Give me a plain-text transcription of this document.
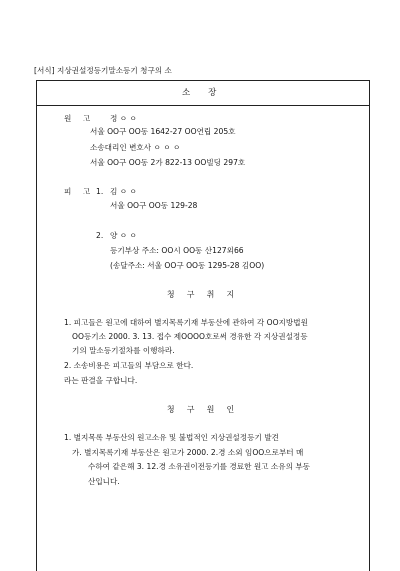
[서식] 지상권설정등기말소등기 청구의 소
소 장
원 고 정 ㅇ ㅇ
서울 OO구 OO동 1642-27 OO연립 205호
소송대리인 변호사 ㅇ ㅇ ㅇ
서울 OO구 OO동 2가 822-13 OO빌딩 297호
피 고 1. 김 ㅇ ㅇ
서울 OO구 OO동 129-28
2. 양 ㅇ ㅇ
등기부상 주소: OO시 OO동 산127외66
(송달주소: 서울 OO구 OO동 1295-28 김OO)
청 구 취 지
1. 피고들은 원고에 대하여 별지목록기재 부동산에 관하여 각 OO지방법원
OO등기소 2000. 3. 13. 접수 제OOOO호로써 경유한 각 지상권설정등
기의 말소등기절차를 이행하라.
2. 소송비용은 피고들의 부담으로 한다.
라는 판결을 구합니다.
청 구 원 인
1. 별지목록 부동산의 원고소유 및 불법적인 지상권설정등기 발견
가. 별지목록기재 부동산은 원고가 2000. 2.경 소외 임OO으로부터 매
수하여 같은해 3. 12.경 소유권이전등기를 경료한 원고 소유의 부동
산입니다.
